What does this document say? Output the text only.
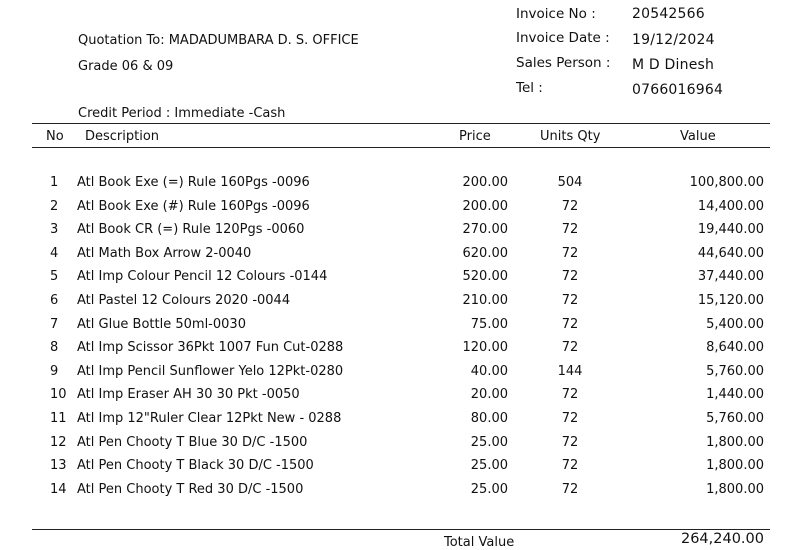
Invoice No :	20542566
Invoice Date : 19/12/2024
Sales Person : M D Dinesh
Tel :	0766016964
Quotation To: MADADUMBARA D. S. OFFICE
Grade 06 & 09
Credit Period : Immediate -Cash
No Description	Price	Units Qty	Value
1 Atl Book Exe (=) Rule 160Pgs -0096	200.00	504	100,800.00
2 Atl Book Exe (#) Rule 160Pgs -0096	200.00	72	14,400.00
3 Atl Book CR (=) Rule 120Pgs -0060	270.00	72	19,440.00
4 Atl Math Box Arrow 2-0040	620.00	72	44,640.00
5 Atl Imp Colour Pencil 12 Colours -0144	520.00	72	37,440.00
6 Atl Pastel 12 Colours 2020 -0044	210.00	72	15,120.00
7 Atl Glue Bottle 50ml-0030	75.00	72	5,400.00
8 Atl Imp Scissor 36Pkt 1007 Fun Cut-0288	120.00	72	8,640.00
9 Atl Imp Pencil Sunflower Yelo 12Pkt-0280	40.00	144	5,760.00
10 Atl Imp Eraser AH 30 30 Pkt -0050	20.00	72	1,440.00
11 Atl Imp 12"Ruler Clear 12Pkt New - 0288	80.00	72	5,760.00
12 Atl Pen Chooty T Blue 30 D/C -1500	25.00	72	1,800.00
13 Atl Pen Chooty T Black 30 D/C -1500	25.00	72	1,800.00
14 Atl Pen Chooty T Red 30 D/C -1500	25.00	72	1,800.00
Total Value	264,240.00
